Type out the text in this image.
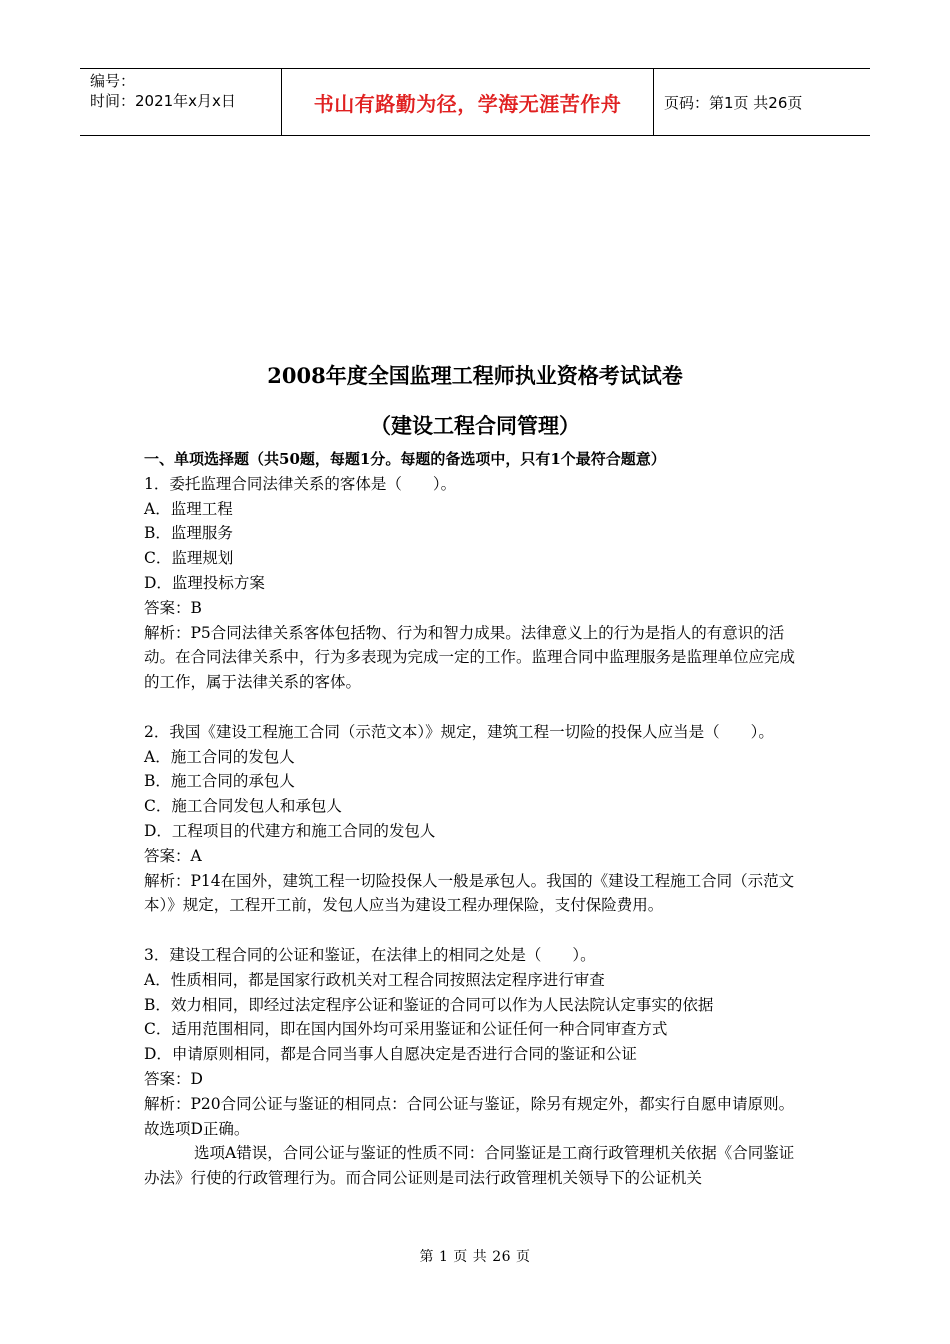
编号：
时间：2021年x月x日	书山有路勤为径，学海无涯苦作舟	页码：第1页 共26页
2008年度全国监理工程师执业资格考试试卷
（建设工程合同管理）

一、单项选择题（共50题，每题1分。每题的备选项中，只有1个最符合题意）

1．委托监理合同法律关系的客体是（　　）。

A．监理工程

B．监理服务

C．监理规划

D．监理投标方案

答案：B

解析：P5合同法律关系客体包括物、行为和智力成果。法律意义上的行为是指人的有意识的活动。在合同法律关系中，行为多表现为完成一定的工作。监理合同中监理服务是监理单位应完成的工作，属于法律关系的客体。

2．我国《建设工程施工合同（示范文本）》规定，建筑工程一切险的投保人应当是（　　）。

A．施工合同的发包人

B．施工合同的承包人

C．施工合同发包人和承包人

D．工程项目的代建方和施工合同的发包人

答案：A

解析：P14在国外，建筑工程一切险投保人一般是承包人。我国的《建设工程施工合同（示范文本）》规定，工程开工前，发包人应当为建设工程办理保险，支付保险费用。

3．建设工程合同的公证和鉴证，在法律上的相同之处是（　　）。

A．性质相同，都是国家行政机关对工程合同按照法定程序进行审查

B．效力相同，即经过法定程序公证和鉴证的合同可以作为人民法院认定事实的依据

C．适用范围相同，即在国内国外均可采用鉴证和公证任何一种合同审查方式

D．申请原则相同，都是合同当事人自愿决定是否进行合同的鉴证和公证

答案：D

解析：P20合同公证与鉴证的相同点：合同公证与鉴证，除另有规定外，都实行自愿申请原则。故选项D正确。

选项A错误，合同公证与鉴证的性质不同：合同鉴证是工商行政管理机关依据《合同鉴证办法》行使的行政管理行为。而合同公证则是司法行政管理机关领导下的公证机关

第 1 页 共 26 页
